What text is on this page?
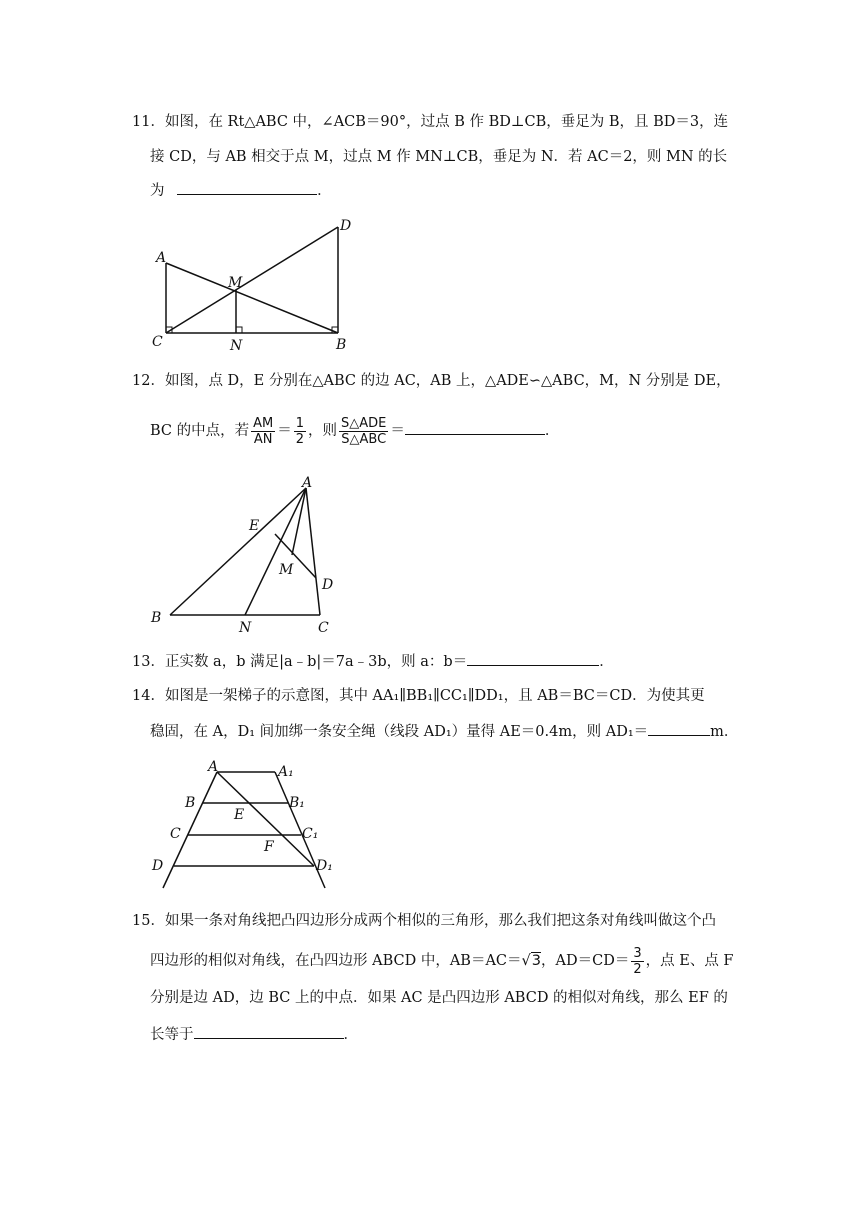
11．如图，在 Rt△ABC 中，∠ACB＝90°，过点 B 作 BD⊥CB，垂足为 B，且 BD＝3，连
接 CD，与 AB 相交于点 M，过点 M 作 MN⊥CB，垂足为 N．若 AC＝2，则 MN 的长
为	．
A
C	N	B
M
D
12．如图，点 D，E 分别在△ABC 的边 AC，AB 上，△ADE∽△ABC，M，N 分别是 DE，
BC 的中点，若 $\frac{AM}{AN} = \frac{1}{2}$ ，则 $\frac{\text{S△ADE}}{\text{S△ABC}}$ ＝	．
A
E
M
D
B
N	C
13．正实数 a，b 满足|a﹣b|＝7a﹣3b，则 a：b＝	．
14．如图是一架梯子的示意图，其中 AA₁∥BB₁∥CC₁∥DD₁，且 AB＝BC＝CD．为使其更
稳固，在 A，D₁ 间加绑一条安全绳（线段 AD₁）量得 AE＝0.4m，则 AD₁＝	m．
A	A₁
B	B₁
E
C	C₁
F
D	D₁
15．如果一条对角线把凸四边形分成两个相似的三角形，那么我们把这条对角线叫做这个凸
四边形的相似对角线，在凸四边形 ABCD 中，AB＝AC＝√3，$AD=CD= \frac{3}{2}$ ，点 E、点 F
分别是边 AD，边 BC 上的中点．如果 AC 是凸四边形 ABCD 的相似对角线，那么 EF 的
长等于	．
